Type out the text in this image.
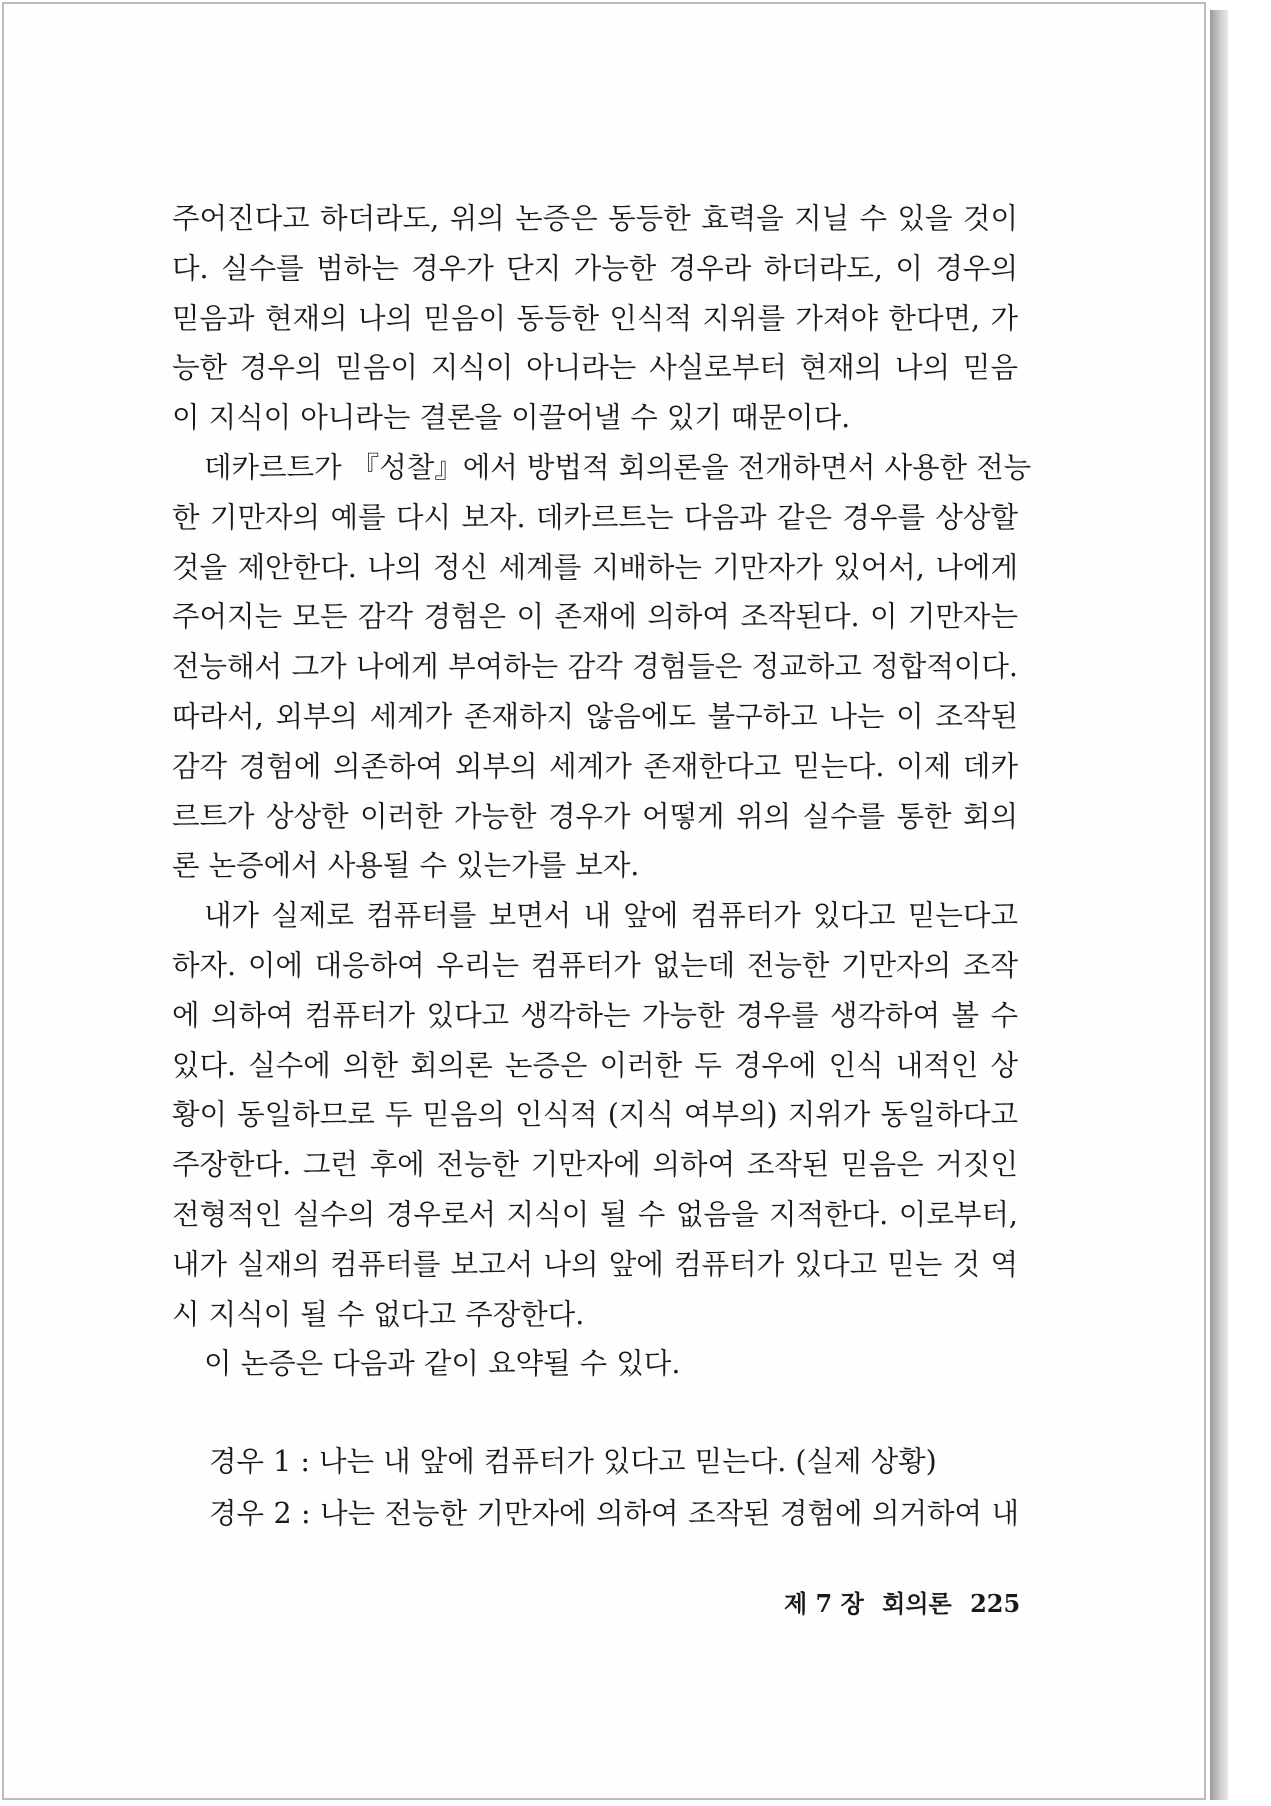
주어진다고 하더라도, 위의 논증은 동등한 효력을 지닐 수 있을 것이
다. 실수를 범하는 경우가 단지 가능한 경우라 하더라도, 이 경우의
믿음과 현재의 나의 믿음이 동등한 인식적 지위를 가져야 한다면, 가
능한 경우의 믿음이 지식이 아니라는 사실로부터 현재의 나의 믿음
이 지식이 아니라는 결론을 이끌어낼 수 있기 때문이다.
데카르트가 『성찰』에서 방법적 회의론을 전개하면서 사용한 전능
한 기만자의 예를 다시 보자. 데카르트는 다음과 같은 경우를 상상할
것을 제안한다. 나의 정신 세계를 지배하는 기만자가 있어서, 나에게
주어지는 모든 감각 경험은 이 존재에 의하여 조작된다. 이 기만자는
전능해서 그가 나에게 부여하는 감각 경험들은 정교하고 정합적이다.
따라서, 외부의 세계가 존재하지 않음에도 불구하고 나는 이 조작된
감각 경험에 의존하여 외부의 세계가 존재한다고 믿는다. 이제 데카
르트가 상상한 이러한 가능한 경우가 어떻게 위의 실수를 통한 회의
론 논증에서 사용될 수 있는가를 보자.
내가 실제로 컴퓨터를 보면서 내 앞에 컴퓨터가 있다고 믿는다고
하자. 이에 대응하여 우리는 컴퓨터가 없는데 전능한 기만자의 조작
에 의하여 컴퓨터가 있다고 생각하는 가능한 경우를 생각하여 볼 수
있다. 실수에 의한 회의론 논증은 이러한 두 경우에 인식 내적인 상
황이 동일하므로 두 믿음의 인식적 (지식 여부의) 지위가 동일하다고
주장한다. 그런 후에 전능한 기만자에 의하여 조작된 믿음은 거짓인
전형적인 실수의 경우로서 지식이 될 수 없음을 지적한다. 이로부터,
내가 실재의 컴퓨터를 보고서 나의 앞에 컴퓨터가 있다고 믿는 것 역
시 지식이 될 수 없다고 주장한다.
이 논증은 다음과 같이 요약될 수 있다.
경우 1 : 나는 내 앞에 컴퓨터가 있다고 믿는다. (실제 상황)
경우 2 : 나는 전능한 기만자에 의하여 조작된 경험에 의거하여 내
제 7 장 회의론 225
